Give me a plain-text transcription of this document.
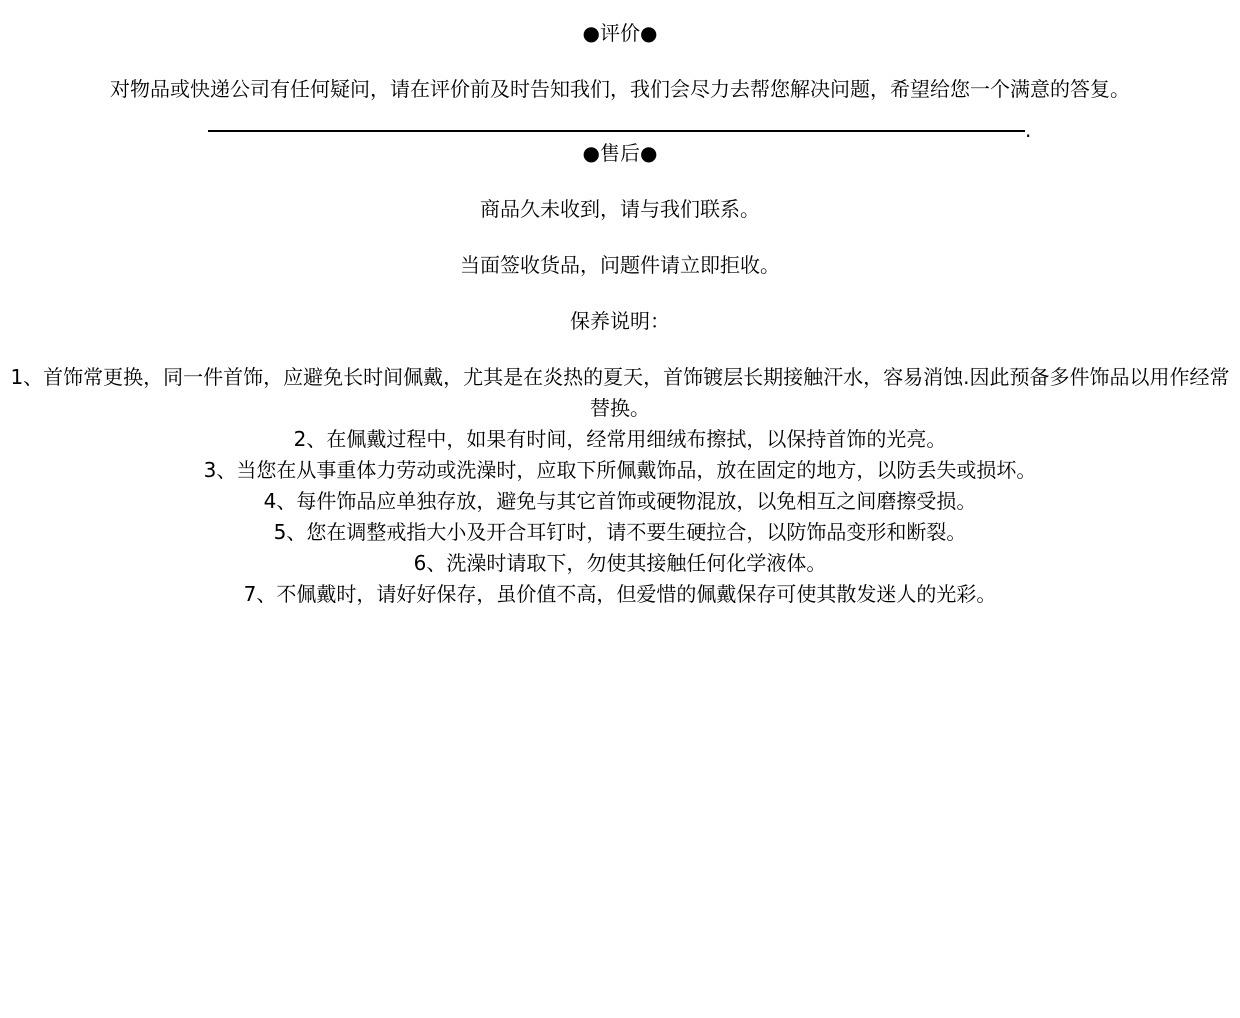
●评价●
对物品或快递公司有任何疑问，请在评价前及时告知我们，我们会尽力去帮您解决问题，希望给您一个满意的答复。
.
●售后●
商品久未收到，请与我们联系。
当面签收货品，问题件请立即拒收。
保养说明：
1、首饰常更换，同一件首饰，应避免长时间佩戴，尤其是在炎热的夏天，首饰镀层长期接触汗水，容易消蚀.因此预备多件饰品以用作经常替换。
2、在佩戴过程中，如果有时间，经常用细绒布擦拭，以保持首饰的光亮。
3、当您在从事重体力劳动或洗澡时，应取下所佩戴饰品，放在固定的地方，以防丢失或损坏。
4、每件饰品应单独存放，避免与其它首饰或硬物混放，以免相互之间磨擦受损。
5、您在调整戒指大小及开合耳钉时，请不要生硬拉合，以防饰品变形和断裂。
6、洗澡时请取下，勿使其接触任何化学液体。
7、不佩戴时，请好好保存，虽价值不高，但爱惜的佩戴保存可使其散发迷人的光彩。
